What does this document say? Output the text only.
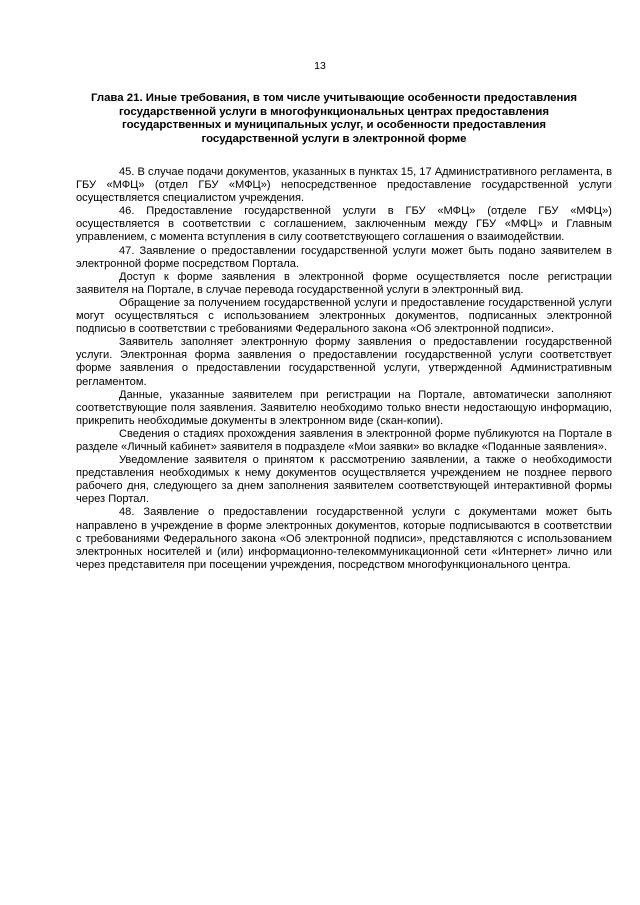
13
Глава 21. Иные требования, в том числе учитывающие особенности предоставления государственной услуги в многофункциональных центрах предоставления государственных и муниципальных услуг, и особенности предоставления государственной услуги в электронной форме

45. В случае подачи документов, указанных в пунктах 15, 17 Административного регламента, в ГБУ «МФЦ» (отдел ГБУ «МФЦ») непосредственное предоставление государственной услуги осуществляется специалистом учреждения.

46. Предоставление государственной услуги в ГБУ «МФЦ» (отделе ГБУ «МФЦ») осуществляется в соответствии с соглашением, заключенным между ГБУ «МФЦ» и Главным управлением, с момента вступления в силу соответствующего соглашения о взаимодействии.

47. Заявление о предоставлении государственной услуги может быть подано заявителем в электронной форме посредством Портала.

Доступ к форме заявления в электронной форме осуществляется после регистрации заявителя на Портале, в случае перевода государственной услуги в электронный вид.

Обращение за получением государственной услуги и предоставление государственной услуги могут осуществляться с использованием электронных документов, подписанных электронной подписью в соответствии с требованиями Федерального закона «Об электронной подписи».

Заявитель заполняет электронную форму заявления о предоставлении государственной услуги. Электронная форма заявления о предоставлении государственной услуги соответствует форме заявления о предоставлении государственной услуги, утвержденной Административным регламентом.

Данные, указанные заявителем при регистрации на Портале, автоматически заполняют соответствующие поля заявления. Заявителю необходимо только внести недостающую информацию, прикрепить необходимые документы в электронном виде (скан-копии).

Сведения о стадиях прохождения заявления в электронной форме публикуются на Портале в разделе «Личный кабинет» заявителя в подразделе «Мои заявки» во вкладке «Поданные заявления».

Уведомление заявителя о принятом к рассмотрению заявлении, а также о необходимости представления необходимых к нему документов осуществляется учреждением не позднее первого рабочего дня, следующего за днем заполнения заявителем соответствующей интерактивной формы через Портал.

48. Заявление о предоставлении государственной услуги с документами может быть направлено в учреждение в форме электронных документов, которые подписываются в соответствии с требованиями Федерального закона «Об электронной подписи», представляются с использованием электронных носителей и (или) информационно-телекоммуникационной сети «Интернет» лично или через представителя при посещении учреждения, посредством многофункционального центра.
